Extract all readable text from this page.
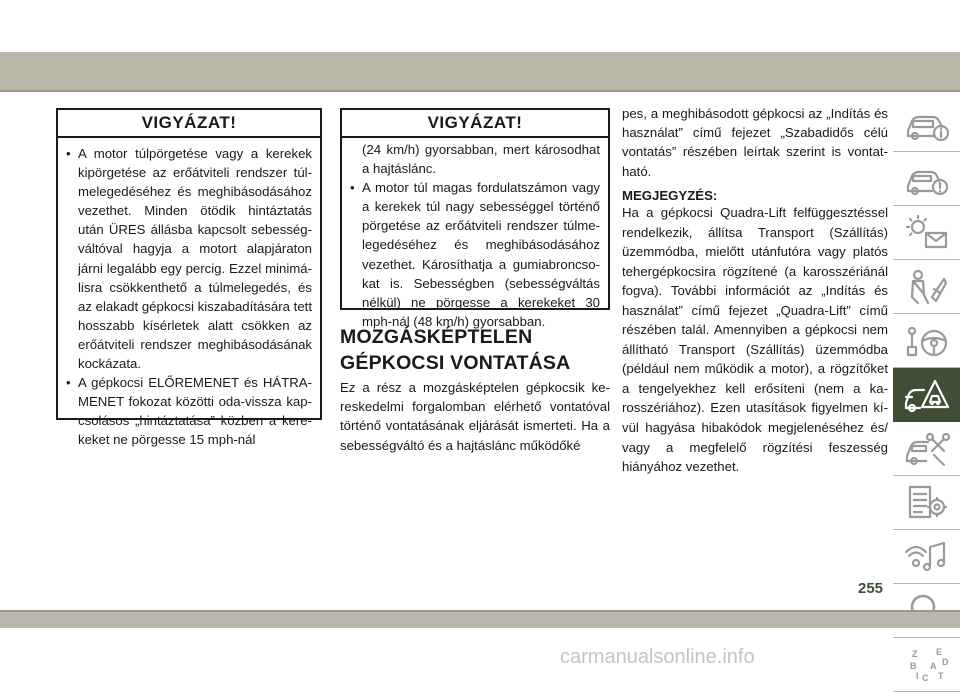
VIGYÁZAT!
• A motor túlpörgetése vagy a kerekek kipörgetése az erőátviteli rendszer túlmelegedéséhez és meghibásodásához vezethet. Minden ötödik hintáztatás után ÜRES állásba kapcsolt sebességváltóval hagyja a motort alapjáraton járni legalább egy percig. Ezzel minimálisra csökkenthető a túlmelegedés, és az elakadt gépkocsi kiszabadítására tett hosszabb kísérletek alatt csökken az erőátviteli rendszer meghibásodásának kockázata.
• A gépkocsi ELŐREMENET és HÁTRAMENET fokozat közötti oda-vissza kapcsolásos „hintáztatása” közben a kerekeket ne pörgesse 15 mph-nál
VIGYÁZAT!
(24 km/h) gyorsabban, mert károsodhat a hajtáslánc.
• A motor túl magas fordulatszámon vagy a kerekek túl nagy sebességgel történő pörgetése az erőátviteli rendszer túlmelegedéséhez és meghibásodásához vezethet. Károsíthatja a gumiabroncsokat is. Sebességben (sebességváltás nélkül) ne pörgesse a kerekeket 30 mph-nál (48 km/h) gyorsabban.
MOZGÁSKÉPTELEN
GÉPKOCSI VONTATÁSA
Ez a rész a mozgásképtelen gépkocsik kereskedelmi forgalomban elérhető vontatóval történő vontatásának eljárását ismerteti. Ha a sebességváltó és a hajtáslánc működőké
pes, a meghibásodott gépkocsi az „Indítás és használat” című fejezet „Szabadidős célú vontatás” részében leírtak szerint is vontatható.
MEGJEGYZÉS:
Ha a gépkocsi Quadra-Lift felfüggesztéssel rendelkezik, állítsa Transport (Szállítás) üzemmódba, mielőtt utánfutóra vagy platós tehergépkocsira rögzítené (a karosszériánál fogva). További információt az „Indítás és használat” című fejezet „Quadra-Lift” című részében talál. Amennyiben a gépkocsi nem állítható Transport (Szállítás) üzemmódba (például nem működik a motor), a rögzítőket a tengelyekhez kell erősíteni (nem a karosszériához). Ezen utasítások figyelmen kívül hagyása hibakódok megjelenéséhez és/ vagy a megfelelő rögzítési feszesség hiányához vezethet.
Z E
B A
I C T
D
255
carmanualsonline.info
